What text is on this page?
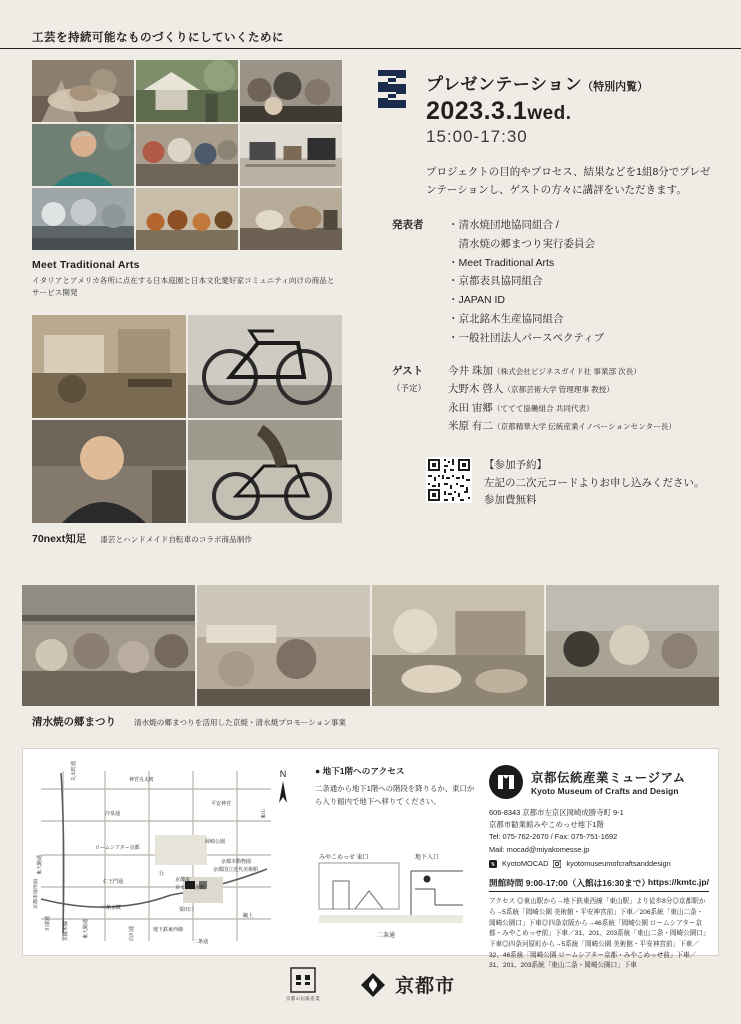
工芸を持続可能なものづくりにしていくために
Meet Traditional Arts
イタリアとアメリカ各所に点在する日本庭園と日本文化愛好家コミュニティ向けの商品とサービス開発
70next知足 漆芸とハンドメイド自転車のコラボ商品制作
清水焼の郷まつり 清水焼の郷まつりを活用した京焼・清水焼プロモーション事業
プレゼンテーション（特別内覧）
2023.3.1wed.
15:00-17:30
プロジェクトの目的やプロセス、結果などを1組8分でプレゼンテーションし、ゲストの方々に講評をいただきます。
発表者	・清水焼団地協同組合 /
　清水焼の郷まつり実行委員会
・Meet Traditional Arts
・京都表具協同組合
・JAPAN ID
・京北銘木生産協同組合
・一般社団法人パースペクティブ
ゲスト
（予定）
今井 珠加（株式会社ビジネスガイド社 事業部 次長）
大野木 啓人（京都芸術大学 管理理事 教授）
永田 宙郷（ててて協働組合 共同代表）
米原 有二（京都精華大学 伝統産業イノベーションセンター長）
【参加予約】
左記の二次元コードよりお申し込みください。
参加費無料
N
神宮丸太町
平安神宮
冷泉通
ロームシアター京都
岡崎公園
京都市動物園
京都国立近代美術館
行
京都市
京セラ美術館
仁王門通
東大路通
京都市役所前	三条京阪	粟田口
蹴上
地下鉄東西線
二条通
丸太町通
川端通	東大路通	白川通
京阪本線
東山
● 地下1階へのアクセス
二条通から地下1階への階段を降りるか、東口から入り館内で地下へ移りてください。
みやこめっせ 東口	地下入口
二条通
京都伝統産業ミュージアム
Kyoto Museum of Crafts and Design
606-8343 京都市左京区岡崎成勝寺町 9-1
京都市勧業館みやこめっせ地下1階
Tel: 075-762-2670 / Fax: 075-751-1692
Mail: mocad@miyakomesse.jp
KyotoMOCAD kyotomuseumofcraftsanddesign
開館時間 9:00-17:00（入館は16:30まで）
https://kmtc.jp/
アクセス ◎東山駅から→地下鉄東西線「東山駅」より徒歩8分◎京都駅から→5系統「岡崎公園 美術館・平安神宮前」下車／206系統「東山二条・岡崎公園口」下車◎四条京阪から→46系統「岡崎公園 ロームシアター京都・みやこめっせ前」下車／31、201、203系統「東山二条・岡崎公園口」下車◎四条河原町から→5系統「岡崎公園 美術館・平安神宮前」下車／32、46系統「岡崎公園 ロームシアター京都・みやこめっせ前」下車／31、201、203系統「東山二条・岡崎公園口」下車
京都の伝統産業
京都市
